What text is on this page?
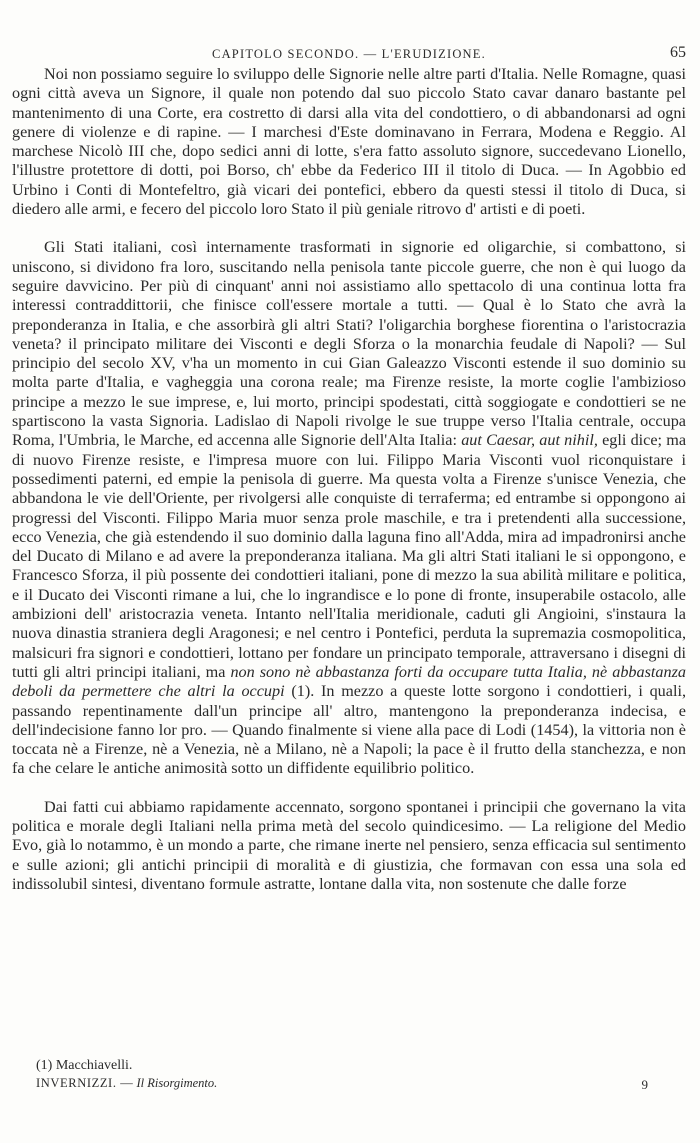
CAPITOLO SECONDO. — L'ERUDIZIONE.	65

Noi non possiamo seguire lo sviluppo delle Signorie nelle altre parti d'Italia. Nelle Romagne, quasi ogni città aveva un Signore, il quale non potendo dal suo piccolo Stato cavar danaro bastante pel mantenimento di una Corte, era costretto di darsi alla vita del condottiero, o di abbandonarsi ad ogni genere di violenze e di rapine. — I marchesi d'Este dominavano in Ferrara, Modena e Reggio. Al marchese Nicolò III che, dopo sedici anni di lotte, s'era fatto assoluto signore, succedevano Lionello, l'illustre protettore di dotti, poi Borso, ch' ebbe da Federico III il titolo di Duca. — In Agobbio ed Urbino i Conti di Montefeltro, già vicari dei pontefici, ebbero da questi stessi il titolo di Duca, si diedero alle armi, e fecero del piccolo loro Stato il più geniale ritrovo d' artisti e di poeti.

Gli Stati italiani, così internamente trasformati in signorie ed oligarchie, si combattono, si uniscono, si dividono fra loro, suscitando nella penisola tante piccole guerre, che non è qui luogo da seguire davvicino. Per più di cinquant' anni noi assistiamo allo spettacolo di una continua lotta fra interessi contraddittorii, che finisce coll'essere mortale a tutti. — Qual è lo Stato che avrà la preponderanza in Italia, e che assorbirà gli altri Stati? l'oligarchia borghese fiorentina o l'aristocrazia veneta? il principato militare dei Visconti e degli Sforza o la monarchia feudale di Napoli? — Sul principio del secolo XV, v'ha un momento in cui Gian Galeazzo Visconti estende il suo dominio su molta parte d'Italia, e vagheggia una corona reale; ma Firenze resiste, la morte coglie l'ambizioso principe a mezzo le sue imprese, e, lui morto, principi spodestati, città soggiogate e condottieri se ne spartiscono la vasta Signoria. Ladislao di Napoli rivolge le sue truppe verso l'Italia centrale, occupa Roma, l'Umbria, le Marche, ed accenna alle Signorie dell'Alta Italia: aut Caesar, aut nihil, egli dice; ma di nuovo Firenze resiste, e l'impresa muore con lui. Filippo Maria Visconti vuol riconquistare i possedimenti paterni, ed empie la penisola di guerre. Ma questa volta a Firenze s'unisce Venezia, che abbandona le vie dell'Oriente, per rivolgersi alle conquiste di terraferma; ed entrambe si oppongono ai progressi del Visconti. Filippo Maria muor senza prole maschile, e tra i pretendenti alla successione, ecco Venezia, che già estendendo il suo dominio dalla laguna fino all'Adda, mira ad impadronirsi anche del Ducato di Milano e ad avere la preponderanza italiana. Ma gli altri Stati italiani le si oppongono, e Francesco Sforza, il più possente dei condottieri italiani, pone di mezzo la sua abilità militare e politica, e il Ducato dei Visconti rimane a lui, che lo ingrandisce e lo pone di fronte, insuperabile ostacolo, alle ambizioni dell' aristocrazia veneta. Intanto nell'Italia meridionale, caduti gli Angioini, s'instaura la nuova dinastia straniera degli Aragonesi; e nel centro i Pontefici, perduta la supremazia cosmopolitica, malsicuri fra signori e condottieri, lottano per fondare un principato temporale, attraversano i disegni di tutti gli altri principi italiani, ma non sono nè abbastanza forti da occupare tutta Italia, nè abbastanza deboli da permettere che altri la occupi (1). In mezzo a queste lotte sorgono i condottieri, i quali, passando repentinamente dall'un principe all' altro, mantengono la preponderanza indecisa, e dell'indecisione fanno lor pro. — Quando finalmente si viene alla pace di Lodi (1454), la vittoria non è toccata nè a Firenze, nè a Venezia, nè a Milano, nè a Napoli; la pace è il frutto della stanchezza, e non fa che celare le antiche animosità sotto un diffidente equilibrio politico.

Dai fatti cui abbiamo rapidamente accennato, sorgono spontanei i principii che governano la vita politica e morale degli Italiani nella prima metà del secolo quindicesimo. — La religione del Medio Evo, già lo notammo, è un mondo a parte, che rimane inerte nel pensiero, senza efficacia sul sentimento e sulle azioni; gli antichi principii di moralità e di giustizia, che formavan con essa una sola ed indissolubil sintesi, diventano formule astratte, lontane dalla vita, non sostenute che dalle forze

(1) Macchiavelli.
INVERNIZZI. — Il Risorgimento.	9
